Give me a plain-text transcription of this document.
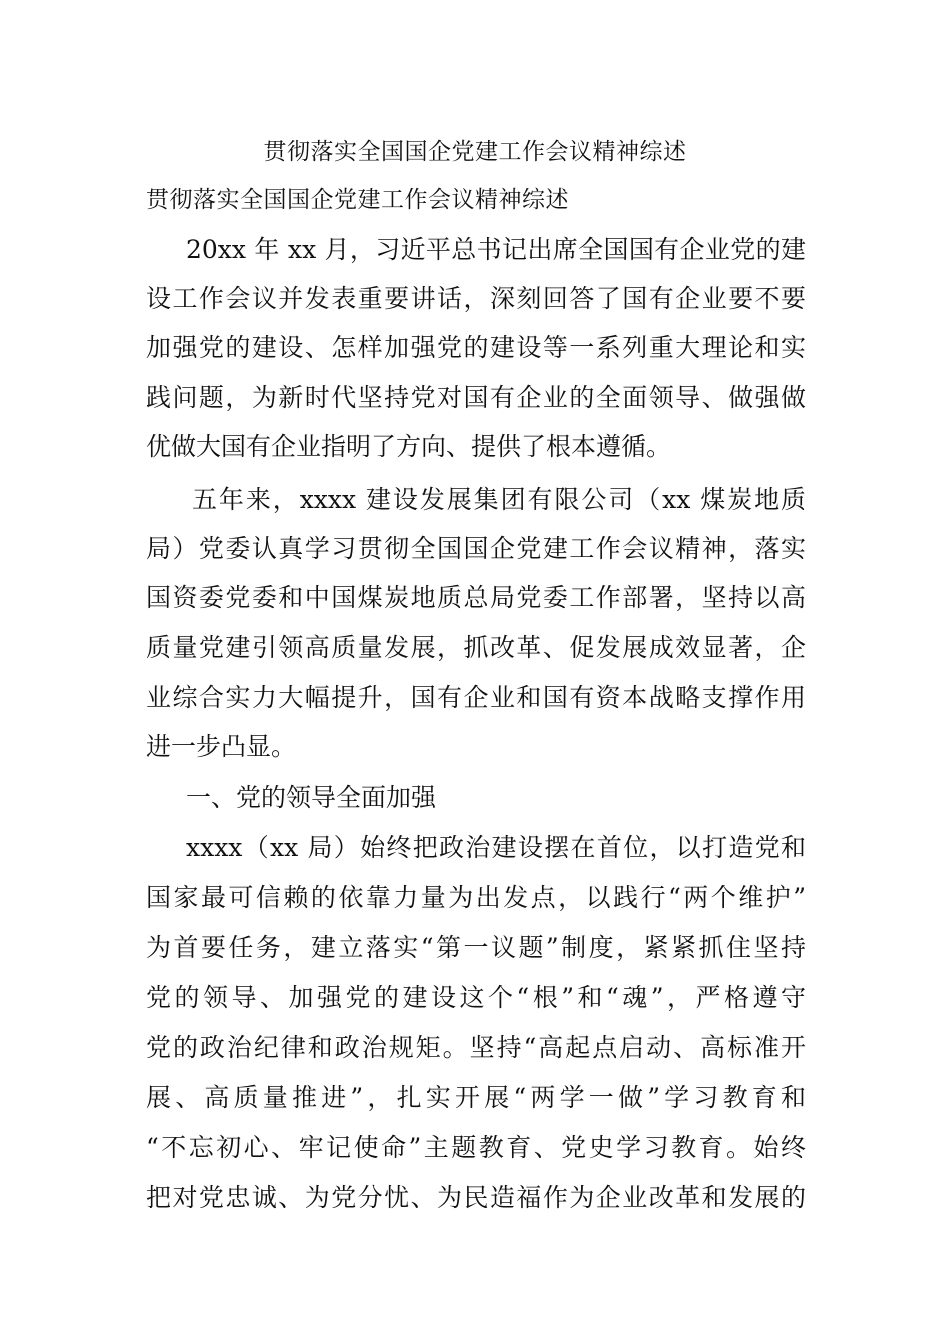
贯彻落实全国国企党建工作会议精神综述
贯彻落实全国国企党建工作会议精神综述
20xx 年 xx 月，习近平总书记出席全国国有企业党的建
设工作会议并发表重要讲话，深刻回答了国有企业要不要
加强党的建设、怎样加强党的建设等一系列重大理论和实
践问题，为新时代坚持党对国有企业的全面领导、做强做
优做大国有企业指明了方向、提供了根本遵循。
五年来，xxxx 建设发展集团有限公司（xx 煤炭地质
局）党委认真学习贯彻全国国企党建工作会议精神，落实
国资委党委和中国煤炭地质总局党委工作部署，坚持以高
质量党建引领高质量发展，抓改革、促发展成效显著，企
业综合实力大幅提升，国有企业和国有资本战略支撑作用
进一步凸显。
一、党的领导全面加强
xxxx（xx 局）始终把政治建设摆在首位，以打造党和
国家最可信赖的依靠力量为出发点，以践行“两个维护”
为首要任务，建立落实“第一议题”制度，紧紧抓住坚持
党的领导、加强党的建设这个“根”和“魂”，严格遵守
党的政治纪律和政治规矩。坚持“高起点启动、高标准开
展、高质量推进”，扎实开展“两学一做”学习教育和
“不忘初心、牢记使命”主题教育、党史学习教育。始终
把对党忠诚、为党分忧、为民造福作为企业改革和发展的
